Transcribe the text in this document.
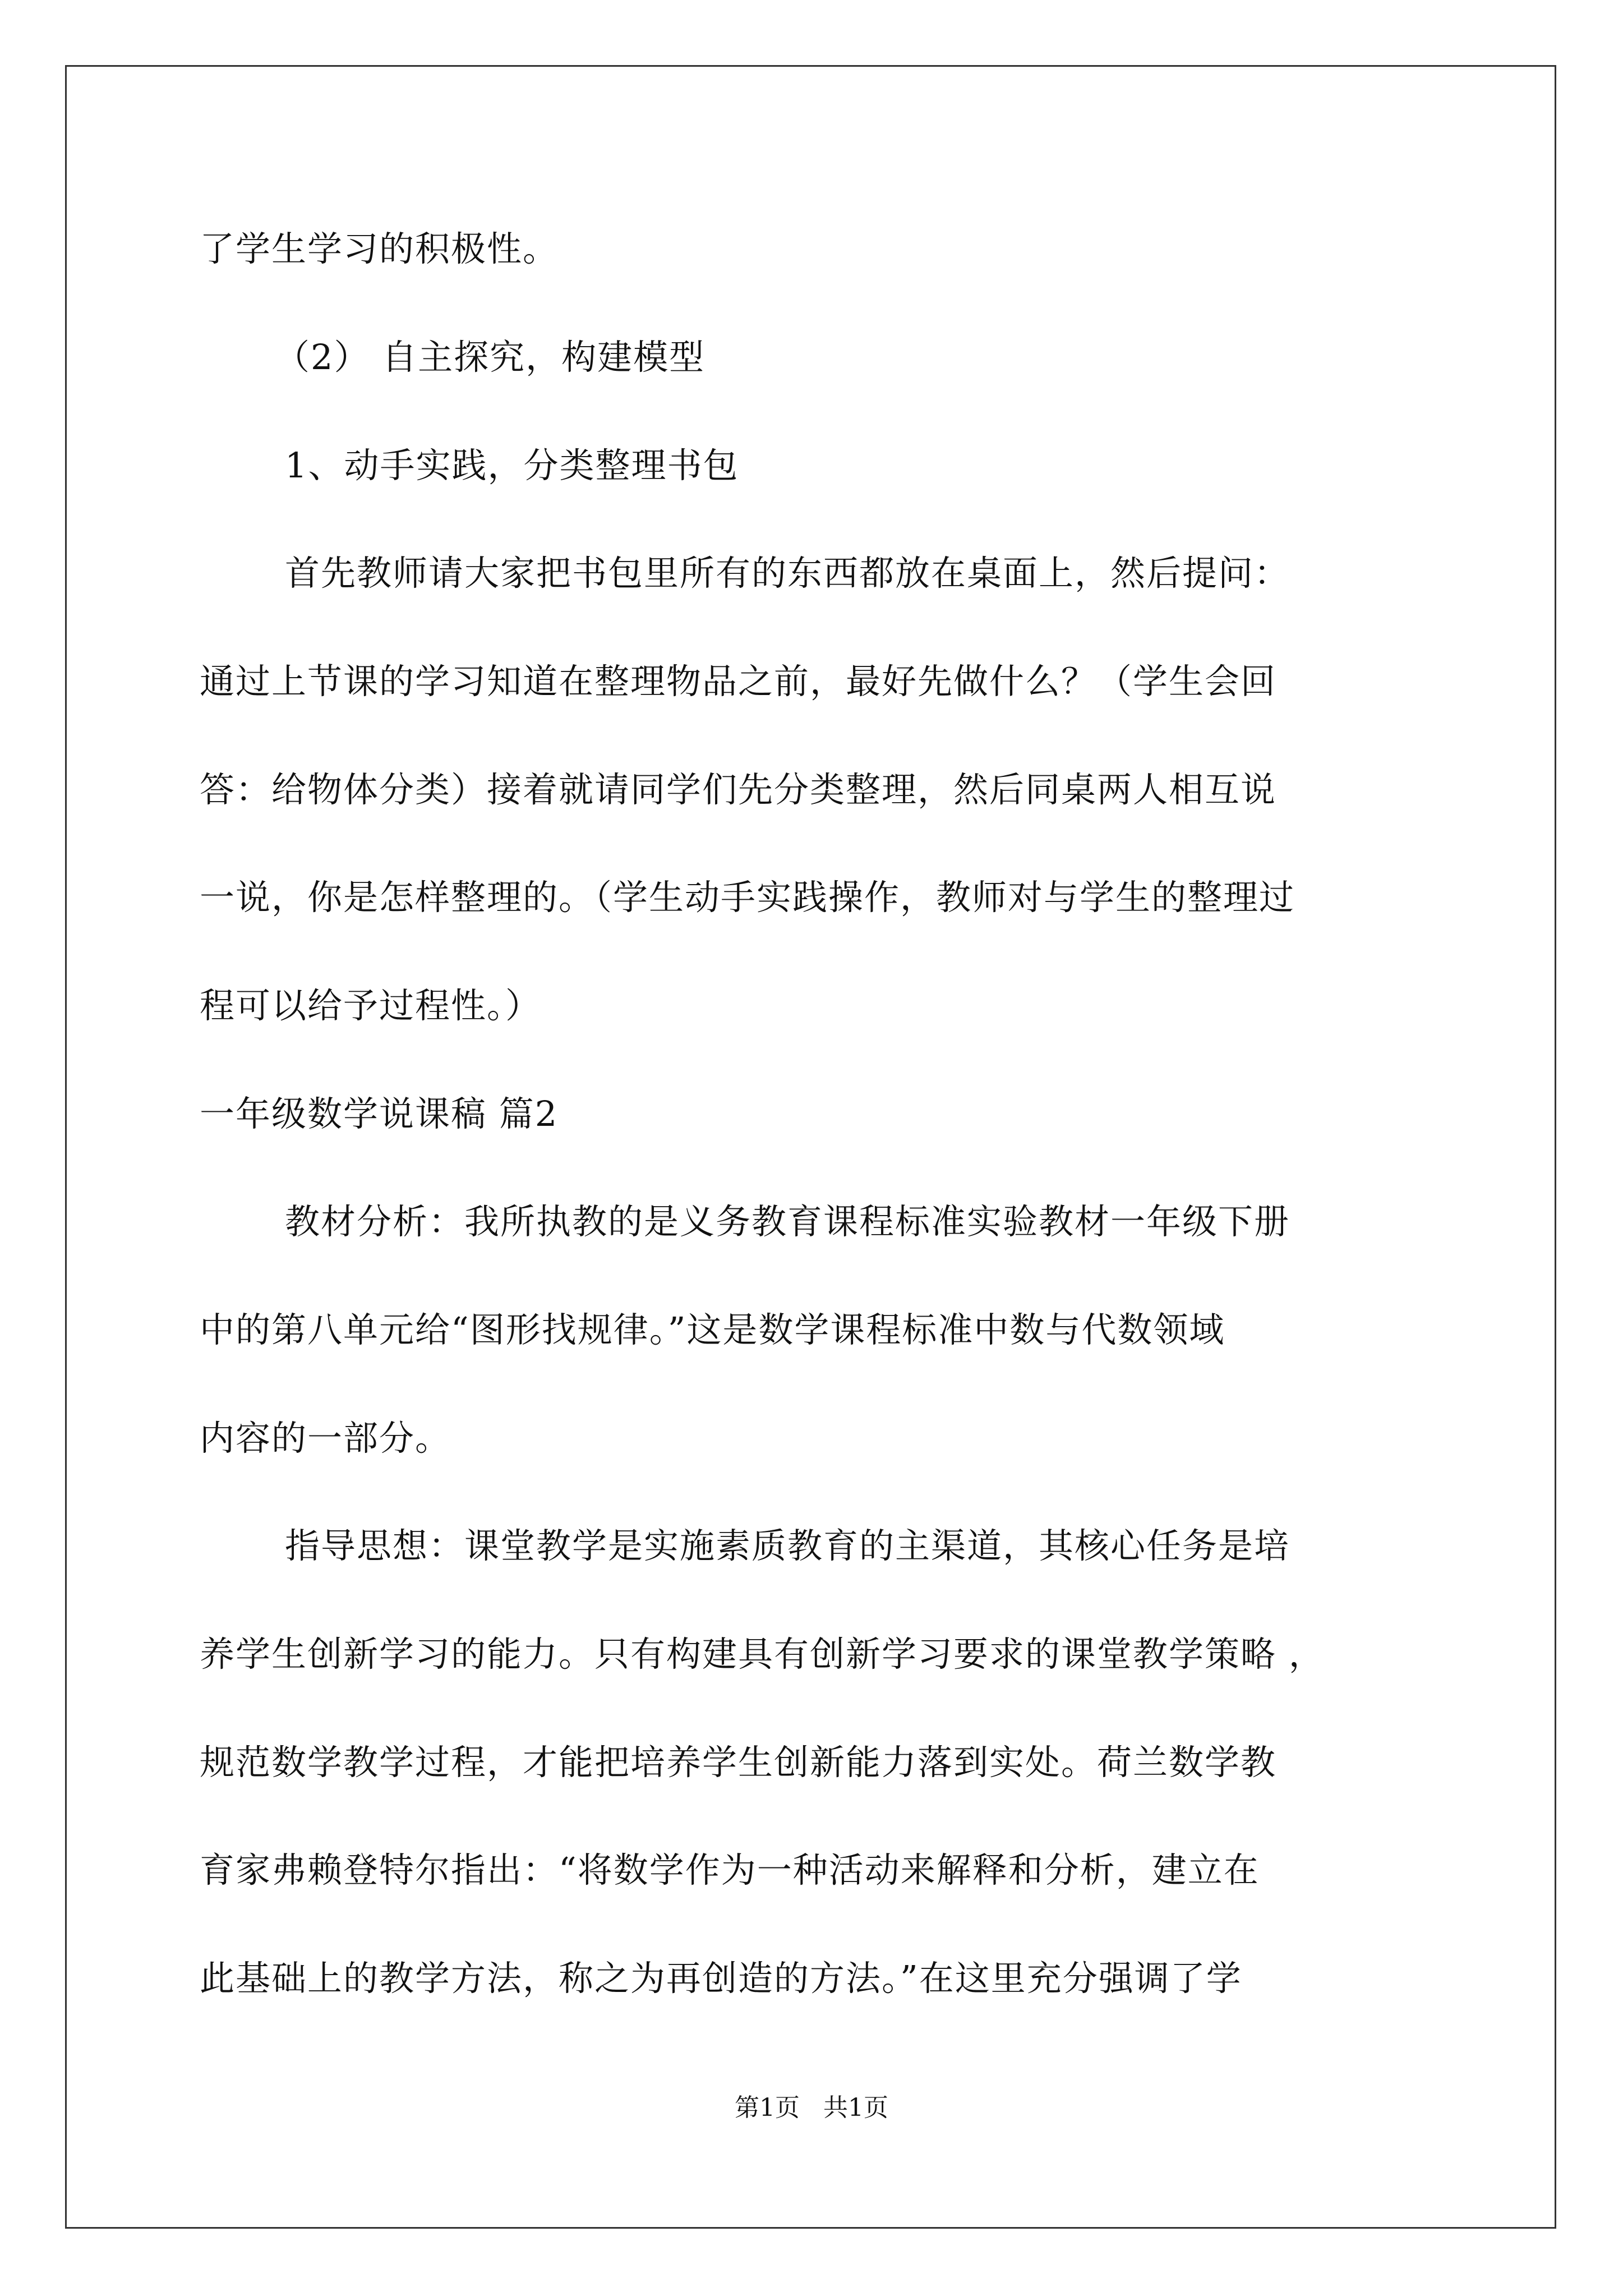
了学生学习的积极性。
（2） 自主探究，构建模型
1、动手实践，分类整理书包
首先教师请大家把书包里所有的东西都放在桌面上，然后提问：
通过上节课的学习知道在整理物品之前，最好先做什么？（学生会回
答：给物体分类）接着就请同学们先分类整理，然后同桌两人相互说
一说，你是怎样整理的。（学生动手实践操作，教师对与学生的整理过
程可以给予过程性。）
一年级数学说课稿 篇2
教材分析：我所执教的是义务教育课程标准实验教材一年级下册
中的第八单元给“图形找规律。”这是数学课程标准中数与代数领域
内容的一部分。
指导思想：课堂教学是实施素质教育的主渠道，其核心任务是培
养学生创新学习的能力。只有构建具有创新学习要求的课堂教学策略 ，
规范数学教学过程，才能把培养学生创新能力落到实处。荷兰数学教
育家弗赖登特尔指出：“将数学作为一种活动来解释和分析，建立在
此基础上的教学方法，称之为再创造的方法。”在这里充分强调了学
第1页   共1页
